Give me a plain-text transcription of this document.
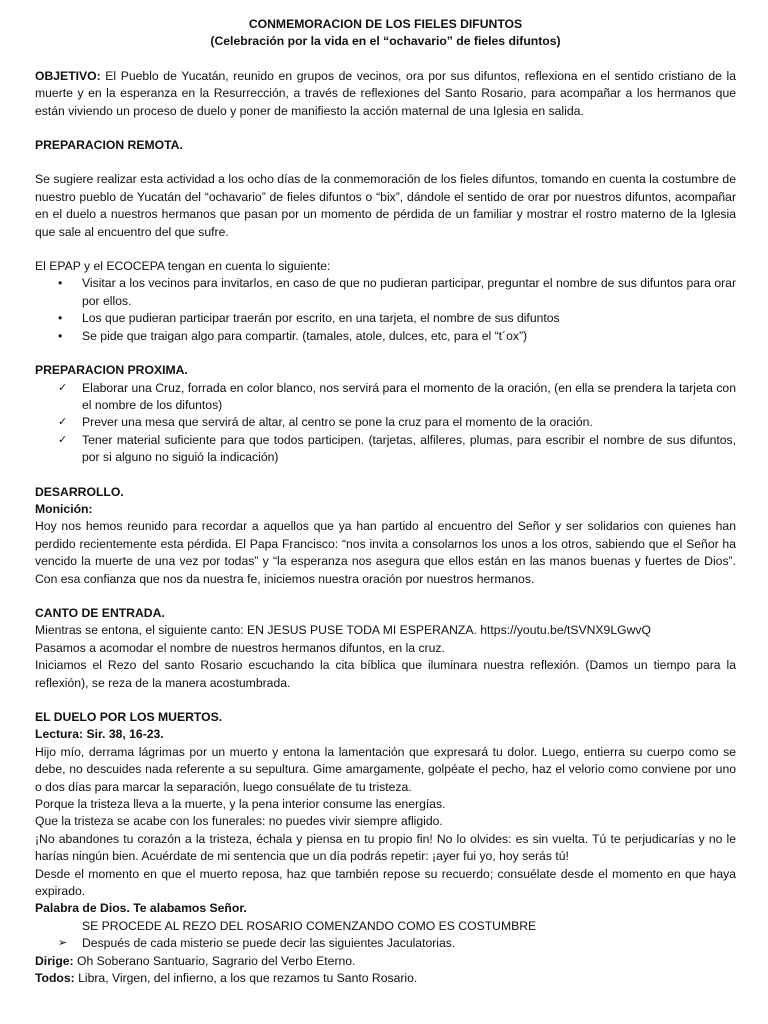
CONMEMORACION DE LOS FIELES DIFUNTOS
(Celebración por la vida en el “ochavario” de fieles difuntos)

OBJETIVO: El Pueblo de Yucatán, reunido en grupos de vecinos, ora por sus difuntos, reflexiona en el sentido cristiano de la muerte y en la esperanza en la Resurrección, a través de reflexiones del Santo Rosario, para acompañar a los hermanos que están viviendo un proceso de duelo y poner de manifiesto la acción maternal de una Iglesia en salida.

PREPARACION REMOTA.

Se sugiere realizar esta actividad a los ocho días de la conmemoración de los fieles difuntos, tomando en cuenta la costumbre de nuestro pueblo de Yucatán del “ochavario” de fieles difuntos o “bix”, dándole el sentido de orar por nuestros difuntos, acompañar en el duelo a nuestros hermanos que pasan por un momento de pérdida de un familiar y mostrar el rostro materno de la Iglesia que sale al encuentro del que sufre.

El EPAP y el ECOCEPA tengan en cuenta lo siguiente:

• Visitar a los vecinos para invitarlos, en caso de que no pudieran participar, preguntar el nombre de sus difuntos para orar por ellos.
• Los que pudieran participar traerán por escrito, en una tarjeta, el nombre de sus difuntos
• Se pide que traigan algo para compartir. (tamales, atole, dulces, etc, para el “t´ox”)
PREPARACION PROXIMA.
✓ Elaborar una Cruz, forrada en color blanco, nos servirá para el momento de la oración, (en ella se prendera la tarjeta con el nombre de los difuntos)
✓ Prever una mesa que servirá de altar, al centro se pone la cruz para el momento de la oración.
✓ Tener material suficiente para que todos participen. (tarjetas, alfileres, plumas, para escribir el nombre de sus difuntos, por si alguno no siguió la indicación)
DESARROLLO.
Monición:

Hoy nos hemos reunido para recordar a aquellos que ya han partido al encuentro del Señor y ser solidarios con quienes han perdido recientemente esta pérdida. El Papa Francisco: “nos invita a consolarnos los unos a los otros, sabiendo que el Señor ha vencido la muerte de una vez por todas” y “la esperanza nos asegura que ellos están en las manos buenas y fuertes de Dios”. Con esa confianza que nos da nuestra fe, iniciemos nuestra oración por nuestros hermanos.

CANTO DE ENTRADA.

Mientras se entona, el siguiente canto: EN JESUS PUSE TODA MI ESPERANZA. https://youtu.be/tSVNX9LGwvQ

Pasamos a acomodar el nombre de nuestros hermanos difuntos, en la cruz.

Iniciamos el Rezo del santo Rosario escuchando la cita bíblica que iluminara nuestra reflexión. (Damos un tiempo para la reflexión), se reza de la manera acostumbrada.

EL DUELO POR LOS MUERTOS.
Lectura: Sir. 38, 16-23.

Hijo mío, derrama lágrimas por un muerto y entona la lamentación que expresará tu dolor. Luego, entierra su cuerpo como se debe, no descuides nada referente a su sepultura. Gime amargamente, golpéate el pecho, haz el velorio como conviene por uno o dos días para marcar la separación, luego consuélate de tu tristeza.

Porque la tristeza lleva a la muerte, y la pena interior consume las energías.

Que la tristeza se acabe con los funerales: no puedes vivir siempre afligido.

¡No abandones tu corazón a la tristeza, échala y piensa en tu propio fin! No lo olvides: es sin vuelta. Tú te perjudicarías y no le harías ningún bien. Acuérdate de mi sentencia que un día podrás repetir: ¡ayer fui yo, hoy serás tú!

Desde el momento en que el muerto reposa, haz que también repose su recuerdo; consuélate desde el momento en que haya expirado.

Palabra de Dios. Te alabamos Señor.
SE PROCEDE AL REZO DEL ROSARIO COMENZANDO COMO ES COSTUMBRE
➢ Después de cada misterio se puede decir las siguientes Jaculatorias.

Dirige: Oh Soberano Santuario, Sagrario del Verbo Eterno.

Todos: Libra, Virgen, del infierno, a los que rezamos tu Santo Rosario.
